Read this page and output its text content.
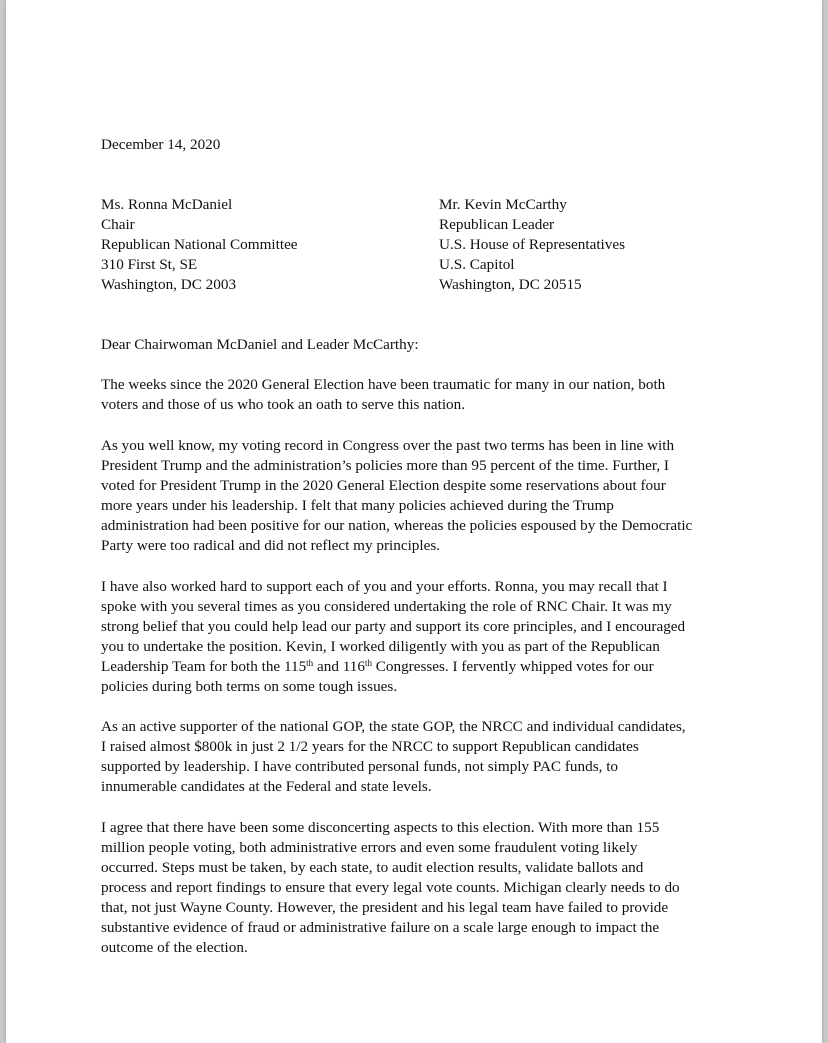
December 14, 2020
Ms. Ronna McDaniel
Chair
Republican National Committee
310 First St, SE
Washington, DC 2003
Mr. Kevin McCarthy
Republican Leader
U.S. House of Representatives
U.S. Capitol
Washington, DC 20515
Dear Chairwoman McDaniel and Leader McCarthy:
The weeks since the 2020 General Election have been traumatic for many in our nation, both
voters and those of us who took an oath to serve this nation.
As you well know, my voting record in Congress over the past two terms has been in line with
President Trump and the administration’s policies more than 95 percent of the time. Further, I
voted for President Trump in the 2020 General Election despite some reservations about four
more years under his leadership. I felt that many policies achieved during the Trump
administration had been positive for our nation, whereas the policies espoused by the Democratic
Party were too radical and did not reflect my principles.
I have also worked hard to support each of you and your efforts. Ronna, you may recall that I
spoke with you several times as you considered undertaking the role of RNC Chair. It was my
strong belief that you could help lead our party and support its core principles, and I encouraged
you to undertake the position. Kevin, I worked diligently with you as part of the Republican
Leadership Team for both the 115th and 116th Congresses. I fervently whipped votes for our
policies during both terms on some tough issues.
As an active supporter of the national GOP, the state GOP, the NRCC and individual candidates,
I raised almost $800k in just 2 1/2 years for the NRCC to support Republican candidates
supported by leadership. I have contributed personal funds, not simply PAC funds, to
innumerable candidates at the Federal and state levels.
I agree that there have been some disconcerting aspects to this election. With more than 155
million people voting, both administrative errors and even some fraudulent voting likely
occurred. Steps must be taken, by each state, to audit election results, validate ballots and
process and report findings to ensure that every legal vote counts. Michigan clearly needs to do
that, not just Wayne County. However, the president and his legal team have failed to provide
substantive evidence of fraud or administrative failure on a scale large enough to impact the
outcome of the election.
